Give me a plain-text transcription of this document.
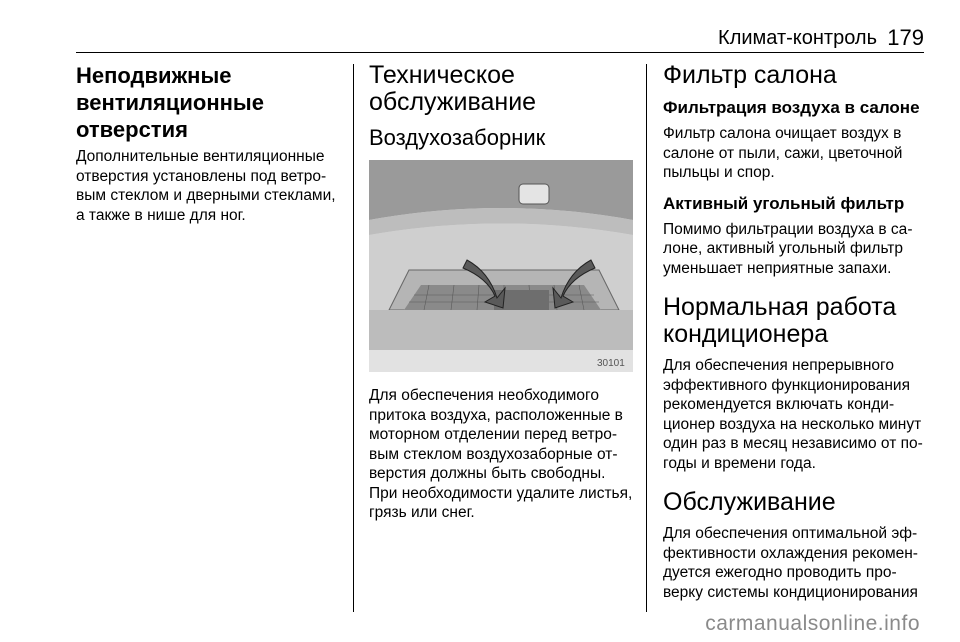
Климат-контроль 179
Неподвижные вентиляционные отверстия

Дополнительные вентиляционные отверстия установлены под ветровым стеклом и дверными стеклами, а также в нише для ног.

Техническое обслуживание
Воздухозаборник
30101

Для обеспечения необходимого притока воздуха, расположенные в моторном отделении перед ветровым стеклом воздухозаборные отверстия должны быть свободны. При необходимости удалите листья, грязь или снег.

Фильтр салона
Фильтрация воздуха в салоне

Фильтр салона очищает воздух в салоне от пыли, сажи, цветочной пыльцы и спор.

Активный угольный фильтр

Помимо фильтрации воздуха в салоне, активный угольный фильтр уменьшает неприятные запахи.

Нормальная работа кондиционера

Для обеспечения непрерывного эффективного функционирования рекомендуется включать кондиционер воздуха на несколько минут один раз в месяц независимо от погоды и времени года.

Обслуживание

Для обеспечения оптимальной эффективности охлаждения рекомендуется ежегодно проводить проверку системы кондиционирования

carmanualsonline.info
